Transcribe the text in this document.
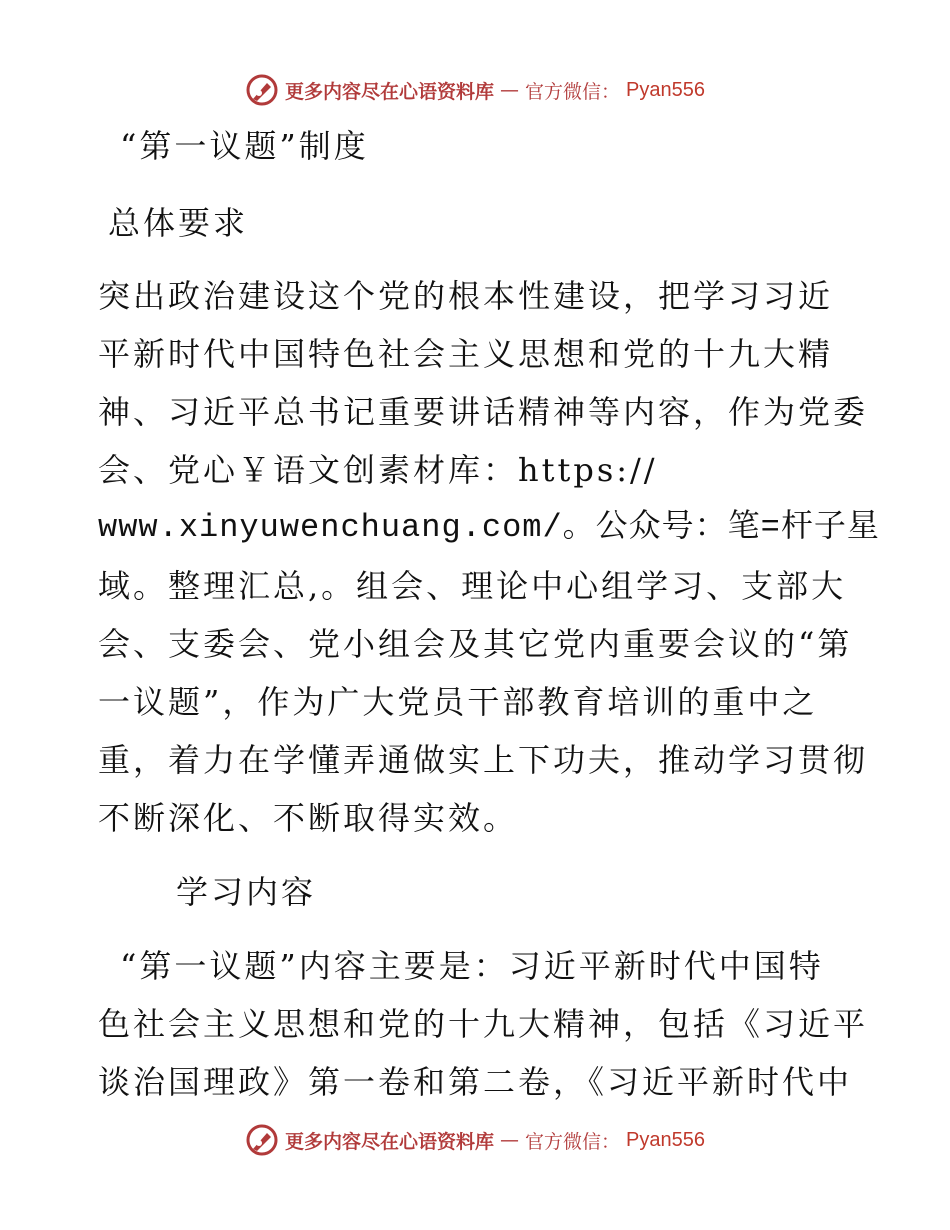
更多内容尽在心语资料库 — 官方微信： Pyan556
“第一议题”制度
总体要求
突出政治建设这个党的根本性建设，把学习习近
平新时代中国特色社会主义思想和党的十九大精
神、习近平总书记重要讲话精神等内容，作为党委
会、党心￥语文创素材库：https://
www.xinyuwenchuang.com/。公众号：笔=杆子星
域。整理汇总,。组会、理论中心组学习、支部大
会、支委会、党小组会及其它党内重要会议的“第
一议题”，作为广大党员干部教育培训的重中之
重，着力在学懂弄通做实上下功夫，推动学习贯彻
不断深化、不断取得实效。
学习内容
“第一议题”内容主要是：习近平新时代中国特
色社会主义思想和党的十九大精神，包括《习近平
谈治国理政》第一卷和第二卷，《习近平新时代中
更多内容尽在心语资料库 — 官方微信： Pyan556
